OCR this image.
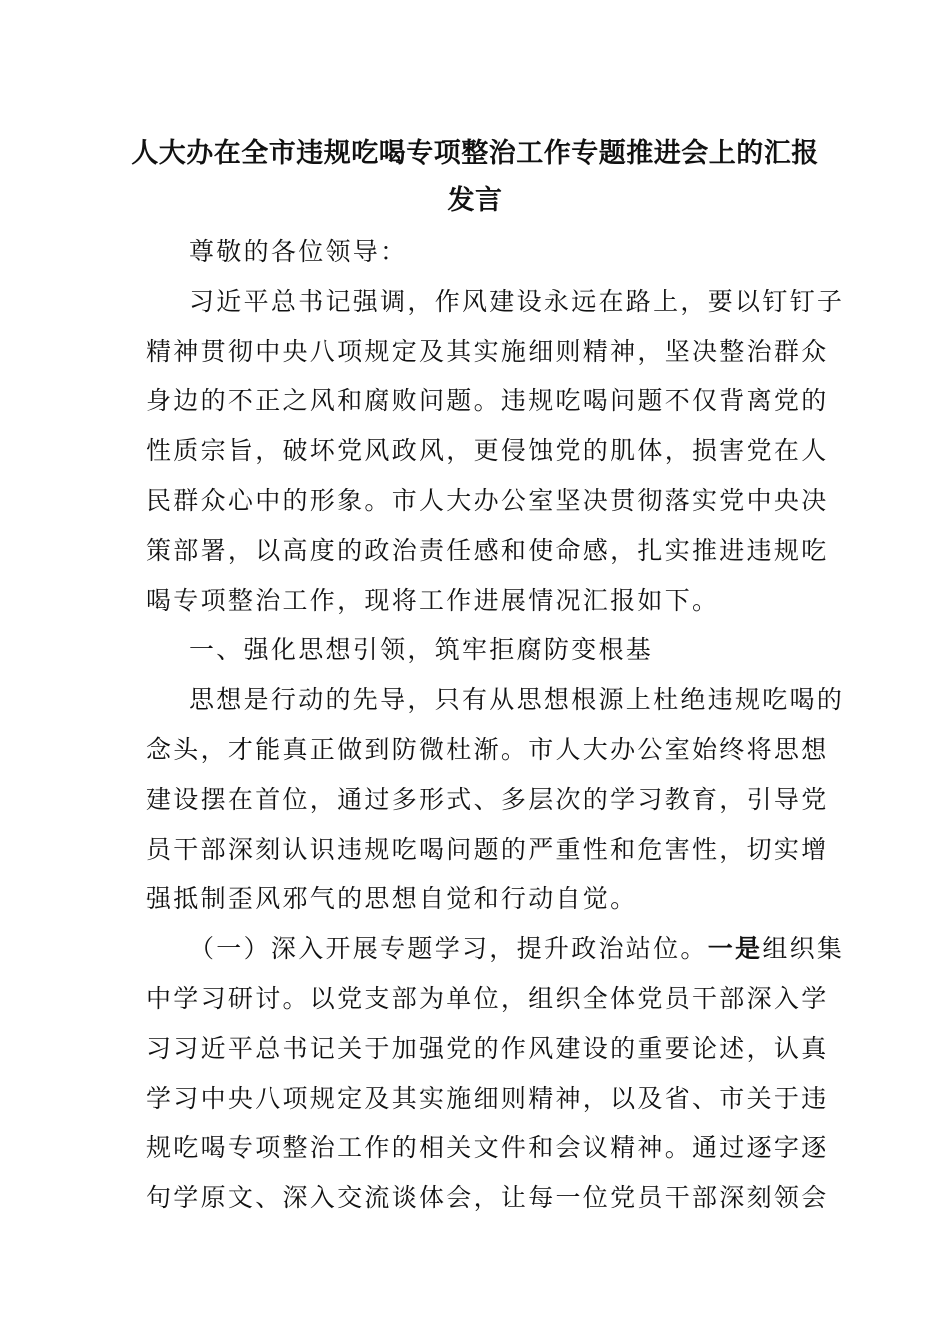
人大办在全市违规吃喝专项整治工作专题推进会上的汇报
发言
尊敬的各位领导：
习近平总书记强调，作风建设永远在路上，要以钉钉子
精神贯彻中央八项规定及其实施细则精神，坚决整治群众
身边的不正之风和腐败问题。违规吃喝问题不仅背离党的
性质宗旨，破坏党风政风，更侵蚀党的肌体，损害党在人
民群众心中的形象。市人大办公室坚决贯彻落实党中央决
策部署，以高度的政治责任感和使命感，扎实推进违规吃
喝专项整治工作，现将工作进展情况汇报如下。
一、强化思想引领，筑牢拒腐防变根基
思想是行动的先导，只有从思想根源上杜绝违规吃喝的
念头，才能真正做到防微杜渐。市人大办公室始终将思想
建设摆在首位，通过多形式、多层次的学习教育，引导党
员干部深刻认识违规吃喝问题的严重性和危害性，切实增
强抵制歪风邪气的思想自觉和行动自觉。
（一）深入开展专题学习，提升政治站位。一是组织集
中学习研讨。以党支部为单位，组织全体党员干部深入学
习习近平总书记关于加强党的作风建设的重要论述，认真
学习中央八项规定及其实施细则精神，以及省、市关于违
规吃喝专项整治工作的相关文件和会议精神。通过逐字逐
句学原文、深入交流谈体会，让每一位党员干部深刻领会
